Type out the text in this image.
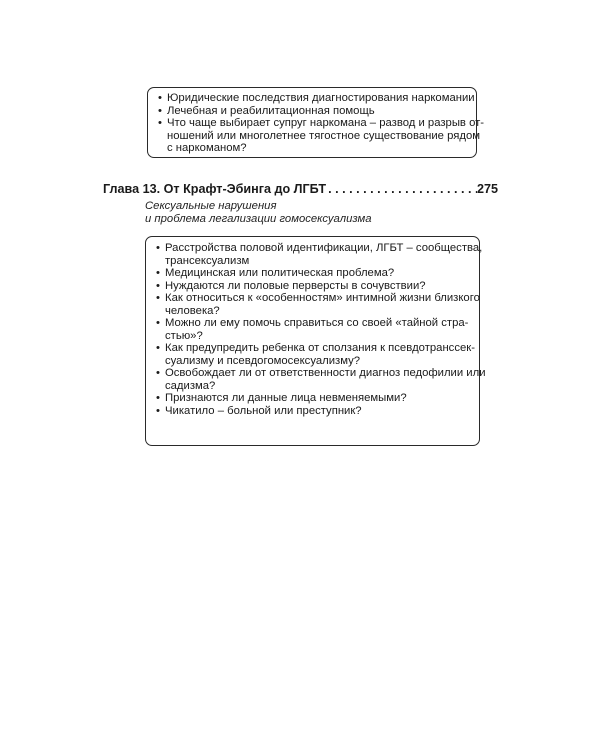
• Юридические последствия диагностирования наркомании
• Лечебная и реабилитационная помощь
• Что чаще выбирает супруг наркомана – развод и разрыв от-
ношений или многолетнее тягостное существование рядом
с наркоманом?
Глава 13. От Крафт-Эбинга до ЛГБТ
. . .	275
Сексуальные нарушения
и проблема легализации гомосексуализма
• Расстройства половой идентификации, ЛГБТ – сообщества,
трансексуализм
• Медицинская или политическая проблема?
• Нуждаются ли половые перверсты в сочувствии?
• Как относиться к «особенностям» интимной жизни близкого
человека?
• Можно ли ему помочь справиться со своей «тайной стра-
стью»?
• Как предупредить ребенка от сползания к псевдотранссек-
суализму и псевдогомосексуализму?
• Освобождает ли от ответственности диагноз педофилии или
садизма?
• Признаются ли данные лица невменяемыми?
• Чикатило – больной или преступник?
